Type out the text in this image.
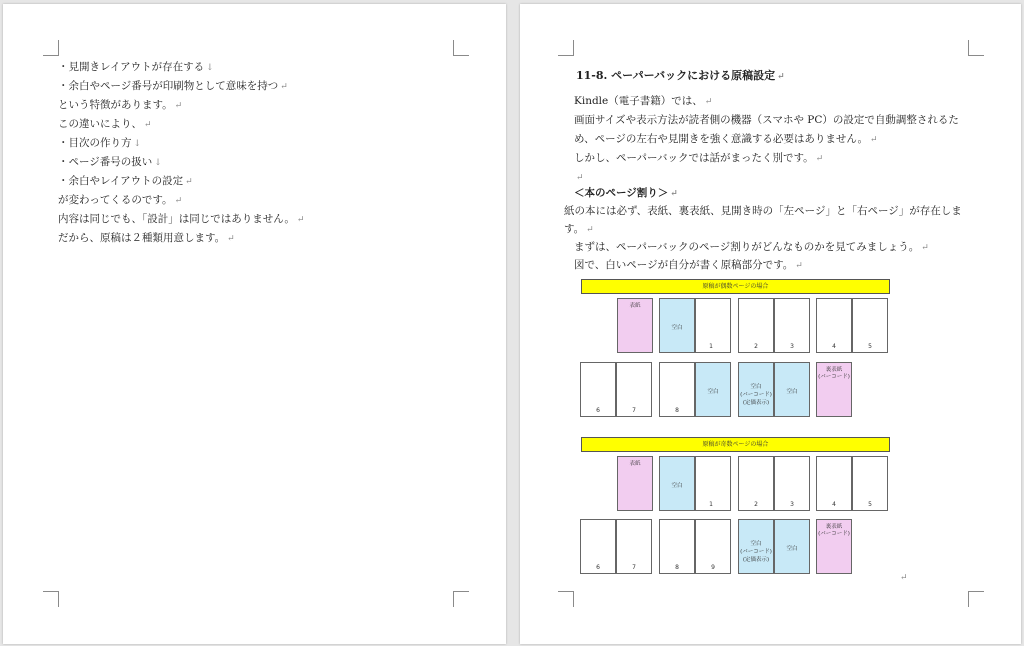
・見開きレイアウトが存在する ↓
・余白やページ番号が印刷物として意味を持つ ↵
という特徴があります。 ↵
この違いにより、 ↵
・目次の作り方 ↓
・ページ番号の扱い ↓
・余白やレイアウトの設定 ↵
が変わってくるのです。 ↵
内容は同じでも、「設計」は同じではありません。 ↵
だから、原稿は２種類用意します。 ↵
11-8. ペーパーバックにおける原稿設定 ↵
Kindle（電子書籍）では、 ↵
画面サイズや表示方法が読者側の機器（スマホや PC）の設定で自動調整されるた
め、ページの左右や見開きを強く意識する必要はありません。 ↵
しかし、ペーパーバックでは話がまったく別です。 ↵
↵
＜本のページ割り＞ ↵
紙の本には必ず、表紙、裏表紙、見開き時の「左ページ」と「右ページ」が存在しま
す。 ↵
まずは、ペーパーバックのページ割りがどんなものかを見てみましょう。 ↵
図で、白いページが自分が書く原稿部分です。 ↵
原稿が偶数ページの場合
表紙
空白
1	2	3	4	5
6	7	8
空白
空白
(バーコード)
(定価表示)
空白
裏表紙
(バーコード)
原稿が奇数ページの場合
表紙
空白
1	2	3	4	5
6	7	8	9
空白
(バーコード)
(定価表示)
空白
裏表紙
(バーコード)
↵
